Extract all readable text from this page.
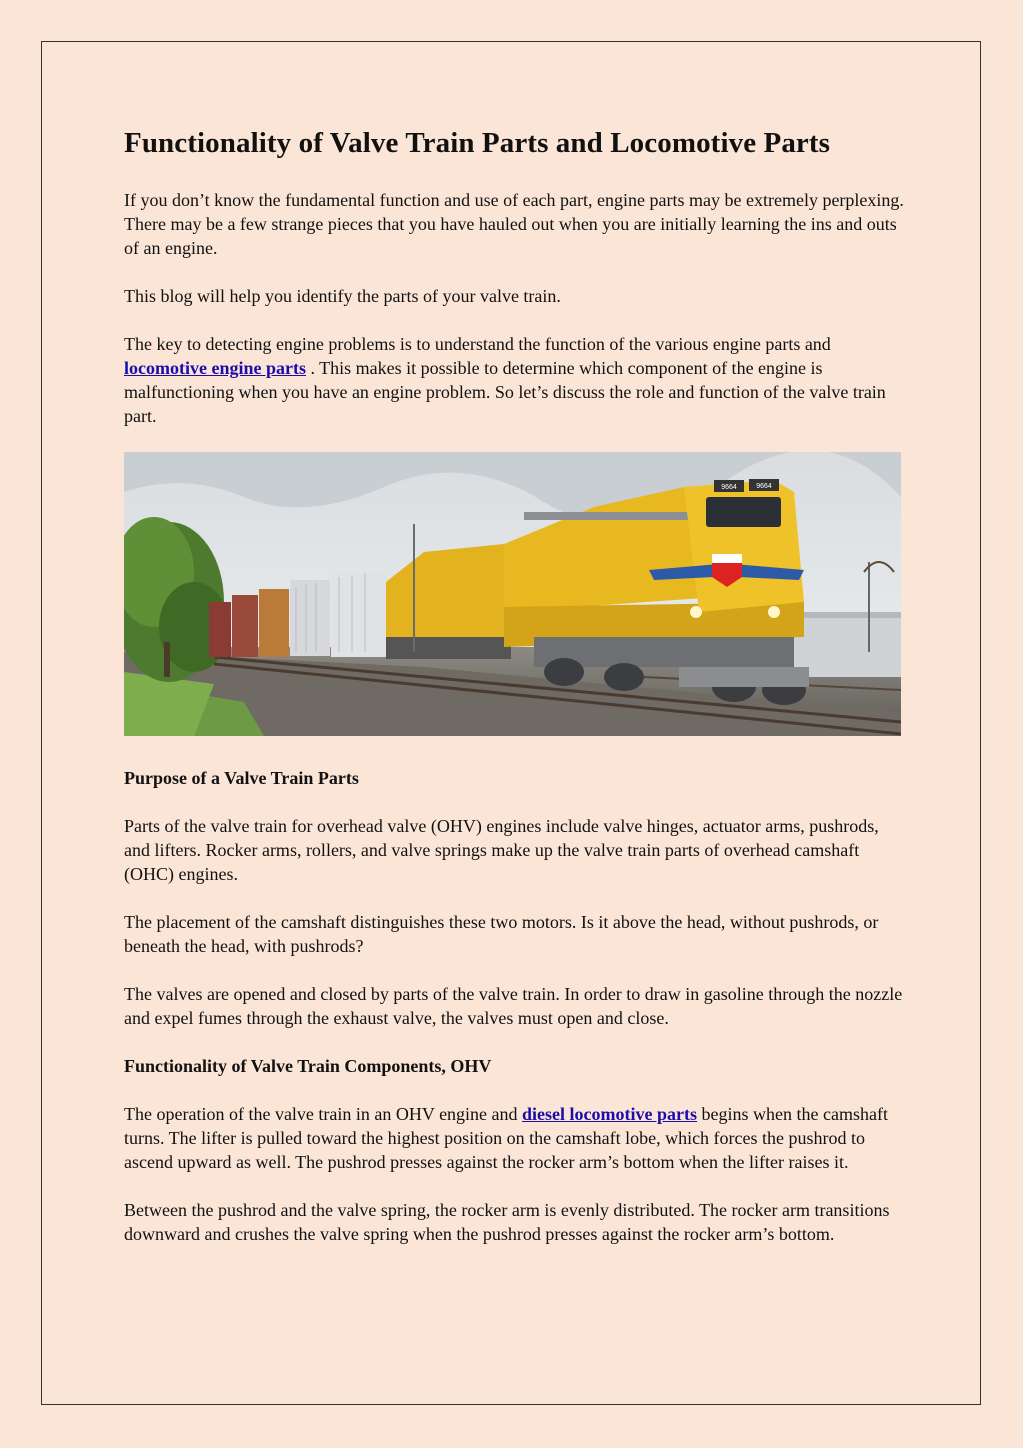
Functionality of Valve Train Parts and Locomotive Parts

If you don’t know the fundamental function and use of each part, engine parts may be extremely perplexing. There may be a few strange pieces that you have hauled out when you are initially learning the ins and outs of an engine.

This blog will help you identify the parts of your valve train.

The key to detecting engine problems is to understand the function of the various engine parts and locomotive engine parts . This makes it possible to determine which component of the engine is malfunctioning when you have an engine problem. So let’s discuss the role and function of the valve train part.

9664	9664
Purpose of a Valve Train Parts

Parts of the valve train for overhead valve (OHV) engines include valve hinges, actuator arms, pushrods, and lifters. Rocker arms, rollers, and valve springs make up the valve train parts of overhead camshaft (OHC) engines.

The placement of the camshaft distinguishes these two motors. Is it above the head, without pushrods, or beneath the head, with pushrods?

The valves are opened and closed by parts of the valve train. In order to draw in gasoline through the nozzle and expel fumes through the exhaust valve, the valves must open and close.

Functionality of Valve Train Components, OHV

The operation of the valve train in an OHV engine and diesel locomotive parts begins when the camshaft turns. The lifter is pulled toward the highest position on the camshaft lobe, which forces the pushrod to ascend upward as well. The pushrod presses against the rocker arm’s bottom when the lifter raises it.

Between the pushrod and the valve spring, the rocker arm is evenly distributed. The rocker arm transitions downward and crushes the valve spring when the pushrod presses against the rocker arm’s bottom.
